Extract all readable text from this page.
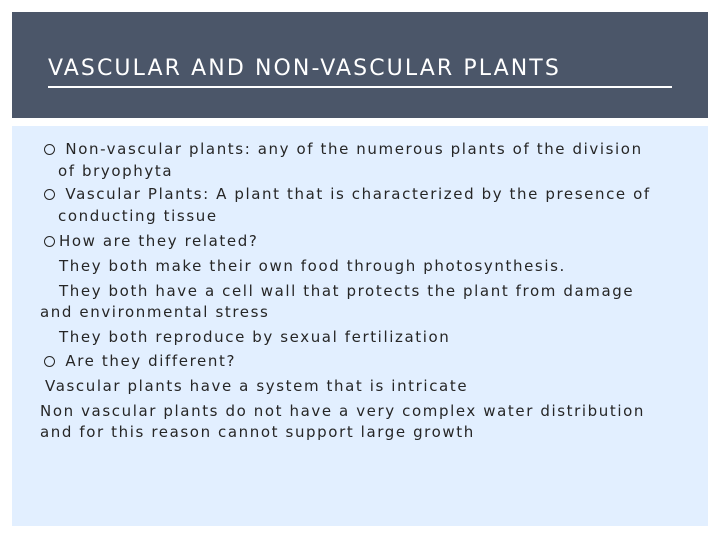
VASCULAR AND NON-VASCULAR PLANTS
Non-vascular plants: any of the numerous plants of the division
of bryophyta
Vascular Plants: A plant that is characterized by the presence of
conducting tissue
How are they related?
They both make their own food through photosynthesis.
They both have a cell wall that protects the plant from damage
and environmental stress
They both reproduce by sexual fertilization
Are they different?
Vascular plants have a system that is intricate
Non vascular plants do not have a very complex water distribution
and for this reason cannot support large growth
